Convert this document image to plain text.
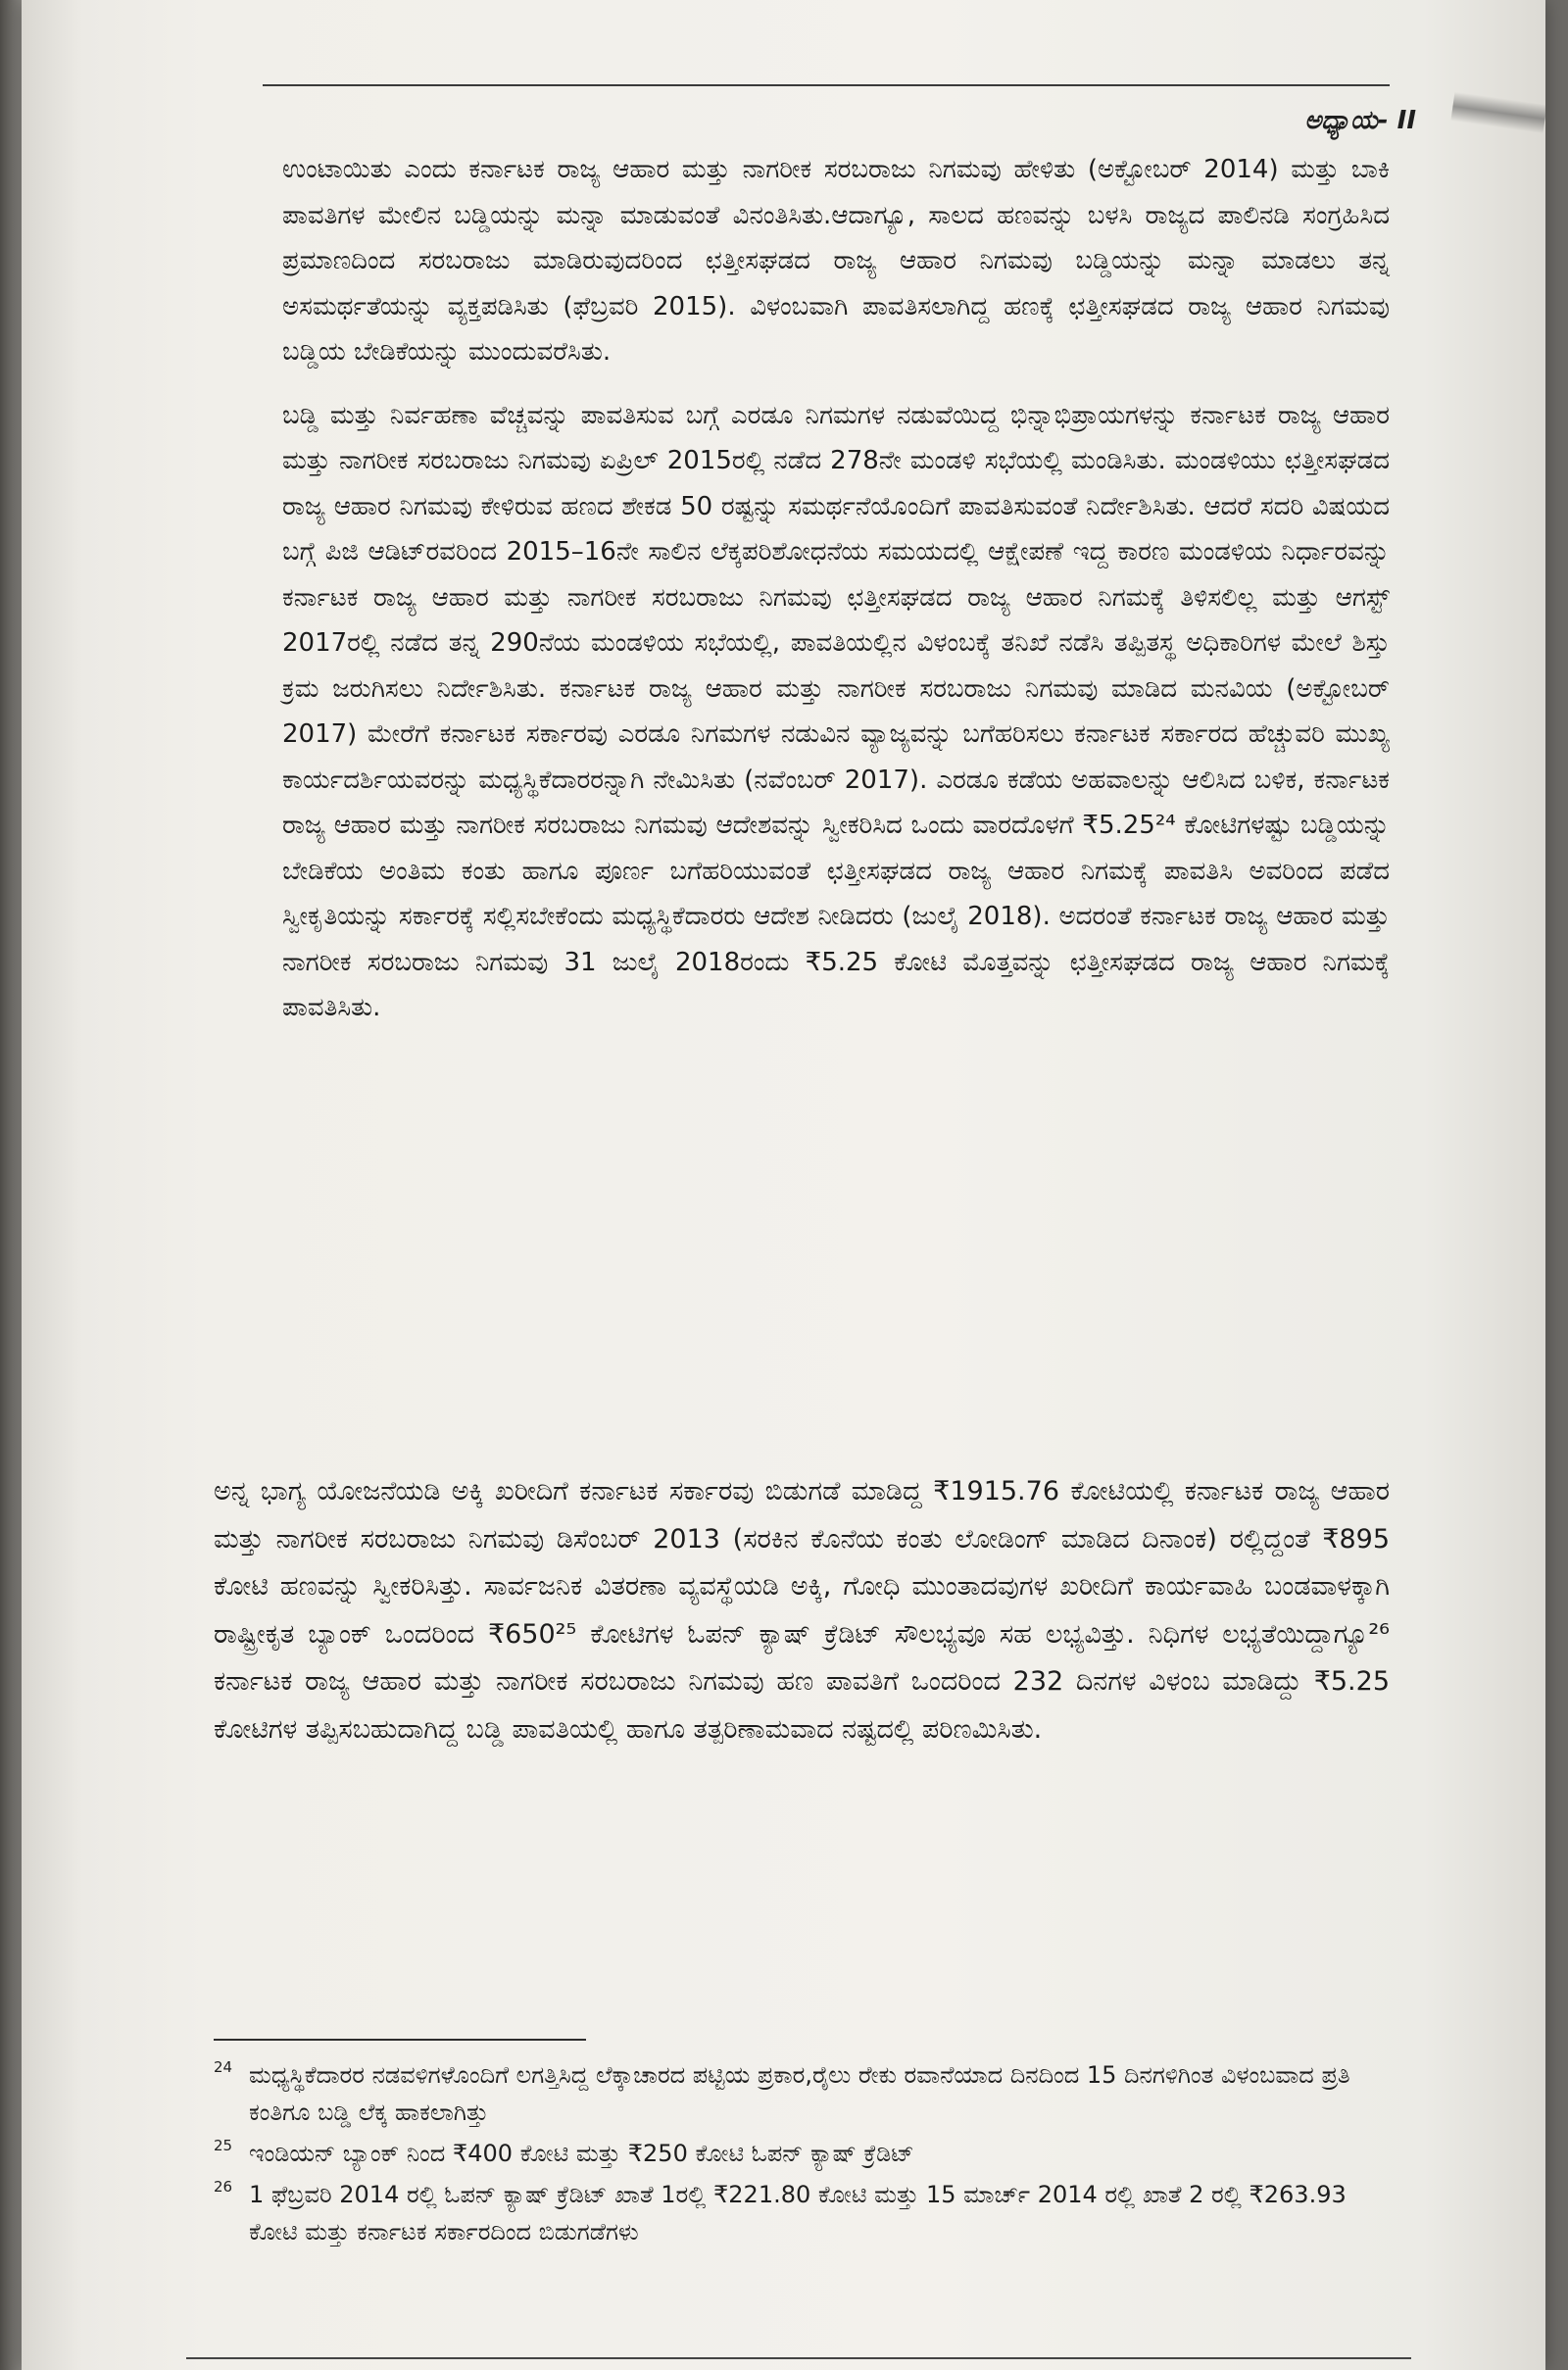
ಅಧ್ಯಾಯ- II

ಉಂಟಾಯಿತು ಎಂದು ಕರ್ನಾಟಕ ರಾಜ್ಯ ಆಹಾರ ಮತ್ತು ನಾಗರೀಕ ಸರಬರಾಜು ನಿಗಮವು ಹೇಳಿತು (ಅಕ್ಟೋಬರ್ 2014) ಮತ್ತು ಬಾಕಿ ಪಾವತಿಗಳ ಮೇಲಿನ ಬಡ್ಡಿಯನ್ನು ಮನ್ನಾ ಮಾಡುವಂತೆ ವಿನಂತಿಸಿತು.ಆದಾಗ್ಯೂ, ಸಾಲದ ಹಣವನ್ನು ಬಳಸಿ ರಾಜ್ಯದ ಪಾಲಿನಡಿ ಸಂಗ್ರಹಿಸಿದ ಪ್ರಮಾಣದಿಂದ ಸರಬರಾಜು ಮಾಡಿರುವುದರಿಂದ ಛತ್ತೀಸಘಡದ ರಾಜ್ಯ ಆಹಾರ ನಿಗಮವು ಬಡ್ಡಿಯನ್ನು ಮನ್ನಾ ಮಾಡಲು ತನ್ನ ಅಸಮರ್ಥತೆಯನ್ನು ವ್ಯಕ್ತಪಡಿಸಿತು (ಫೆಬ್ರವರಿ 2015). ವಿಳಂಬವಾಗಿ ಪಾವತಿಸಲಾಗಿದ್ದ ಹಣಕ್ಕೆ ಛತ್ತೀಸಘಡದ ರಾಜ್ಯ ಆಹಾರ ನಿಗಮವು ಬಡ್ಡಿಯ ಬೇಡಿಕೆಯನ್ನು ಮುಂದುವರೆಸಿತು.

ಬಡ್ಡಿ ಮತ್ತು ನಿರ್ವಹಣಾ ವೆಚ್ಚವನ್ನು ಪಾವತಿಸುವ ಬಗ್ಗೆ ಎರಡೂ ನಿಗಮಗಳ ನಡುವೆಯಿದ್ದ ಭಿನ್ನಾಭಿಪ್ರಾಯಗಳನ್ನು ಕರ್ನಾಟಕ ರಾಜ್ಯ ಆಹಾರ ಮತ್ತು ನಾಗರೀಕ ಸರಬರಾಜು ನಿಗಮವು ಏಪ್ರಿಲ್ 2015ರಲ್ಲಿ ನಡೆದ 278ನೇ ಮಂಡಳಿ ಸಭೆಯಲ್ಲಿ ಮಂಡಿಸಿತು. ಮಂಡಳಿಯು ಛತ್ತೀಸಘಡದ ರಾಜ್ಯ ಆಹಾರ ನಿಗಮವು ಕೇಳಿರುವ ಹಣದ ಶೇಕಡ 50 ರಷ್ಟನ್ನು ಸಮರ್ಥನೆಯೊಂದಿಗೆ ಪಾವತಿಸುವಂತೆ ನಿರ್ದೇಶಿಸಿತು. ಆದರೆ ಸದರಿ ವಿಷಯದ ಬಗ್ಗೆ ಪಿಜಿ ಆಡಿಟ್‌ರವರಿಂದ 2015–16ನೇ ಸಾಲಿನ ಲೆಕ್ಕಪರಿಶೋಧನೆಯ ಸಮಯದಲ್ಲಿ ಆಕ್ಷೇಪಣೆ ಇದ್ದ ಕಾರಣ ಮಂಡಳಿಯ ನಿರ್ಧಾರವನ್ನು ಕರ್ನಾಟಕ ರಾಜ್ಯ ಆಹಾರ ಮತ್ತು ನಾಗರೀಕ ಸರಬರಾಜು ನಿಗಮವು ಛತ್ತೀಸಘಡದ ರಾಜ್ಯ ಆಹಾರ ನಿಗಮಕ್ಕೆ ತಿಳಿಸಲಿಲ್ಲ ಮತ್ತು ಆಗಸ್ಟ್ 2017ರಲ್ಲಿ ನಡೆದ ತನ್ನ 290ನೆಯ ಮಂಡಳಿಯ ಸಭೆಯಲ್ಲಿ, ಪಾವತಿಯಲ್ಲಿನ ವಿಳಂಬಕ್ಕೆ ತನಿಖೆ ನಡೆಸಿ ತಪ್ಪಿತಸ್ಥ ಅಧಿಕಾರಿಗಳ ಮೇಲೆ ಶಿಸ್ತು ಕ್ರಮ ಜರುಗಿಸಲು ನಿರ್ದೇಶಿಸಿತು. ಕರ್ನಾಟಕ ರಾಜ್ಯ ಆಹಾರ ಮತ್ತು ನಾಗರೀಕ ಸರಬರಾಜು ನಿಗಮವು ಮಾಡಿದ ಮನವಿಯ (ಅಕ್ಟೋಬರ್ 2017) ಮೇರೆಗೆ ಕರ್ನಾಟಕ ಸರ್ಕಾರವು ಎರಡೂ ನಿಗಮಗಳ ನಡುವಿನ ವ್ಯಾಜ್ಯವನ್ನು ಬಗೆಹರಿಸಲು ಕರ್ನಾಟಕ ಸರ್ಕಾರದ ಹೆಚ್ಚುವರಿ ಮುಖ್ಯ ಕಾರ್ಯದರ್ಶಿಯವರನ್ನು ಮಧ್ಯಸ್ಥಿಕೆದಾರರನ್ನಾಗಿ ನೇಮಿಸಿತು (ನವೆಂಬರ್ 2017). ಎರಡೂ ಕಡೆಯ ಅಹವಾಲನ್ನು ಆಲಿಸಿದ ಬಳಿಕ, ಕರ್ನಾಟಕ ರಾಜ್ಯ ಆಹಾರ ಮತ್ತು ನಾಗರೀಕ ಸರಬರಾಜು ನಿಗಮವು ಆದೇಶವನ್ನು ಸ್ವೀಕರಿಸಿದ ಒಂದು ವಾರದೊಳಗೆ ₹5.25²⁴ ಕೋಟಿಗಳಷ್ಟು ಬಡ್ಡಿಯನ್ನು ಬೇಡಿಕೆಯ ಅಂತಿಮ ಕಂತು ಹಾಗೂ ಪೂರ್ಣ ಬಗೆಹರಿಯುವಂತೆ ಛತ್ತೀಸಘಡದ ರಾಜ್ಯ ಆಹಾರ ನಿಗಮಕ್ಕೆ ಪಾವತಿಸಿ ಅವರಿಂದ ಪಡೆದ ಸ್ವೀಕೃತಿಯನ್ನು ಸರ್ಕಾರಕ್ಕೆ ಸಲ್ಲಿಸಬೇಕೆಂದು ಮಧ್ಯಸ್ಥಿಕೆದಾರರು ಆದೇಶ ನೀಡಿದರು (ಜುಲೈ 2018). ಅದರಂತೆ ಕರ್ನಾಟಕ ರಾಜ್ಯ ಆಹಾರ ಮತ್ತು ನಾಗರೀಕ ಸರಬರಾಜು ನಿಗಮವು 31 ಜುಲೈ 2018ರಂದು ₹5.25 ಕೋಟಿ ಮೊತ್ತವನ್ನು ಛತ್ತೀಸಘಡದ ರಾಜ್ಯ ಆಹಾರ ನಿಗಮಕ್ಕೆ ಪಾವತಿಸಿತು.

ಅನ್ನ ಭಾಗ್ಯ ಯೋಜನೆಯಡಿ ಅಕ್ಕಿ ಖರೀದಿಗೆ ಕರ್ನಾಟಕ ಸರ್ಕಾರವು ಬಿಡುಗಡೆ ಮಾಡಿದ್ದ ₹1915.76 ಕೋಟಿಯಲ್ಲಿ ಕರ್ನಾಟಕ ರಾಜ್ಯ ಆಹಾರ ಮತ್ತು ನಾಗರೀಕ ಸರಬರಾಜು ನಿಗಮವು ಡಿಸೆಂಬರ್ 2013 (ಸರಕಿನ ಕೊನೆಯ ಕಂತು ಲೋಡಿಂಗ್ ಮಾಡಿದ ದಿನಾಂಕ) ರಲ್ಲಿದ್ದಂತೆ ₹895 ಕೋಟಿ ಹಣವನ್ನು ಸ್ವೀಕರಿಸಿತ್ತು. ಸಾರ್ವಜನಿಕ ವಿತರಣಾ ವ್ಯವಸ್ಥೆಯಡಿ ಅಕ್ಕಿ, ಗೋಧಿ ಮುಂತಾದವುಗಳ ಖರೀದಿಗೆ ಕಾರ್ಯವಾಹಿ ಬಂಡವಾಳಕ್ಕಾಗಿ ರಾಷ್ಟ್ರೀಕೃತ ಬ್ಯಾಂಕ್ ಒಂದರಿಂದ ₹650²⁵ ಕೋಟಿಗಳ ಓಪನ್ ಕ್ಯಾಷ್ ಕ್ರೆಡಿಟ್ ಸೌಲಭ್ಯವೂ ಸಹ ಲಭ್ಯವಿತ್ತು. ನಿಧಿಗಳ ಲಭ್ಯತೆಯಿದ್ದಾಗ್ಯೂ²⁶ ಕರ್ನಾಟಕ ರಾಜ್ಯ ಆಹಾರ ಮತ್ತು ನಾಗರೀಕ ಸರಬರಾಜು ನಿಗಮವು ಹಣ ಪಾವತಿಗೆ ಒಂದರಿಂದ 232 ದಿನಗಳ ವಿಳಂಬ ಮಾಡಿದ್ದು ₹5.25 ಕೋಟಿಗಳ ತಪ್ಪಿಸಬಹುದಾಗಿದ್ದ ಬಡ್ಡಿ ಪಾವತಿಯಲ್ಲಿ ಹಾಗೂ ತತ್ಪರಿಣಾಮವಾದ ನಷ್ಟದಲ್ಲಿ ಪರಿಣಮಿಸಿತು.

24 ಮಧ್ಯಸ್ಥಿಕೆದಾರರ ನಡವಳಿಗಳೊಂದಿಗೆ ಲಗತ್ತಿಸಿದ್ದ ಲೆಕ್ಕಾಚಾರದ ಪಟ್ಟಿಯ ಪ್ರಕಾರ,ರೈಲು ರೇಕು ರವಾನೆಯಾದ ದಿನದಿಂದ 15 ದಿನಗಳಿಗಿಂತ ವಿಳಂಬವಾದ ಪ್ರತಿ ಕಂತಿಗೂ ಬಡ್ಡಿ ಲೆಕ್ಕ ಹಾಕಲಾಗಿತ್ತು
25 ಇಂಡಿಯನ್ ಬ್ಯಾಂಕ್ ನಿಂದ ₹400 ಕೋಟಿ ಮತ್ತು ₹250 ಕೋಟಿ ಓಪನ್ ಕ್ಯಾಷ್ ಕ್ರೆಡಿಟ್
26 1 ಫೆಬ್ರವರಿ 2014 ರಲ್ಲಿ ಓಪನ್ ಕ್ಯಾಷ್ ಕ್ರೆಡಿಟ್ ಖಾತೆ 1ರಲ್ಲಿ ₹221.80 ಕೋಟಿ ಮತ್ತು 15 ಮಾರ್ಚ್ 2014 ರಲ್ಲಿ ಖಾತೆ 2 ರಲ್ಲಿ ₹263.93 ಕೋಟಿ ಮತ್ತು ಕರ್ನಾಟಕ ಸರ್ಕಾರದಿಂದ ಬಿಡುಗಡೆಗಳು
